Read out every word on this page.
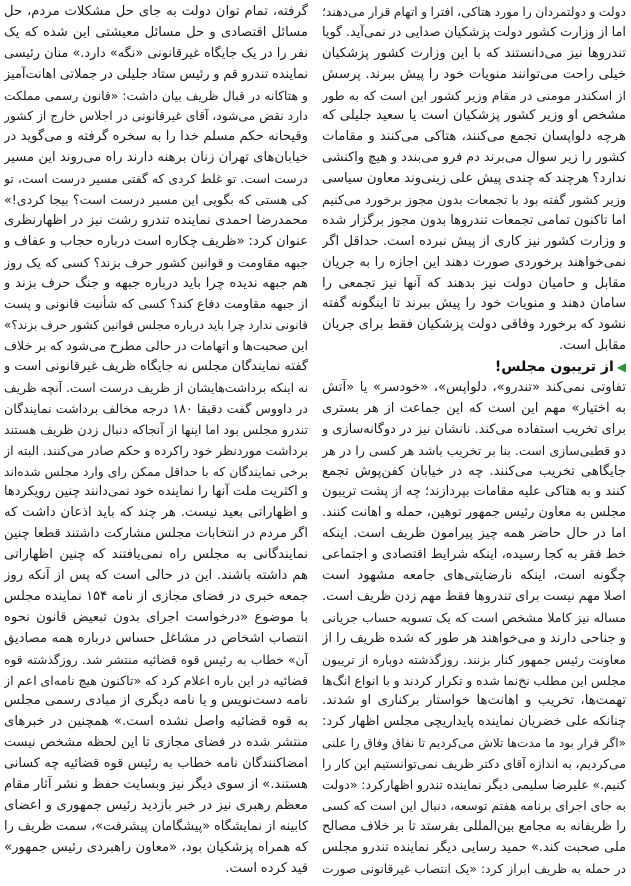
دولت و دولتمردان را مورد هتاکی، افترا و اتهام قرار می‌دهند؛
اما از وزارت کشور دولت پزشکیان صدایی در نمی‌آید. گویا
تندروها نیز می‌دانستند که با این وزارت کشور پزشکیان
خیلی راحت می‌توانند منویات خود را پیش ببرند. پرسش
از اسکندر مومنی در مقام وزیر کشور این است که به طور
مشخص او وزیر کشور پزشکیان است یا سعید جلیلی که
هرچه دلواپسان تجمع می‌کنند، هتاکی می‌کنند و مقامات
کشور را زیر سوال می‌برند دم فرو می‌بندد و هیچ واکنشی
ندارد؟ هرچند که چندی پیش علی زینی‌وند معاون سیاسی
وزیر کشور گفته بود با تجمعات بدون مجوز برخورد می‌کنیم
اما تاکنون تمامی تجمعات تندروها بدون مجوز برگزار شده
و وزارت کشور نیز کاری از پیش نبرده است. حداقل اگر
نمی‌خواهند برخوردی صورت دهند این اجازه را به جریان
مقابل و حامیان دولت نیز بدهند که آنها نیز تجمعی را
سامان دهند و منویات خود را پیش ببرند تا اینگونه گفته
نشود که برخورد وفاقی دولت پزشکیان فقط برای جریان
مقابل است.
◀از تریبون مجلس!
تفاوتی نمی‌کند «تندرو»، دلواپس»، «خودسر» یا «آتش
به اختیار» مهم این است که این جماعت از هر بستری
برای تخریب استفاده می‌کند. نانشان نیز در دوگانه‌سازی و
دو قطبی‌سازی است. بنا بر تخریب باشد هر کسی را در هر
جایگاهی تخریب می‌کنند. چه در خیابان کفن‌پوش تجمع
کنند و به هتاکی علیه مقامات بپردازند؛ چه از پشت تریبون
مجلس به معاون رئیس جمهور توهین، حمله و اهانت کنند.
اما در حال حاضر همه چیز پیرامون ظریف است. اینکه
خط فقر به کجا رسیده، اینکه شرایط اقتصادی و اجتماعی
چگونه است، اینکه نارضایتی‌های جامعه مشهود است
اصلا مهم نیست برای تندروها فقط مهم زدن ظریف است.
مساله نیز کاملا مشخص است که یک تسویه حساب جریانی
و جناحی دارند و می‌خواهند هر طور که شده ظریف را از
معاونت رئیس جمهور کنار بزنند. روزگذشته دوباره از تریبون
مجلس این مطلب نخ‌نما شده و تکرار کردند و با انواع انگ‌ها
تهمت‌ها، تخریب و اهانت‌ها خواستار برکناری او شدند.
چنانکه علی خضریان نماینده پایداریچی مجلس اظهار کرد:
«اگر قرار بود ما مدت‌ها تلاش می‌کردیم تا نفاق وفاق را علنی
می‌کردیم، به اندازه آقای دکتر ظریف نمی‌توانستیم این کار را
کنیم.» علیرضا سلیمی دیگر نماینده تندرو اظهارکرد: «دولت
به جای اجرای برنامه هفتم توسعه، دنبال این است که کسی
را ظریفانه به مجامع بین‌المللی بفرستد تا بر خلاف مصالح
ملی صحبت کند.» حمید رسایی دیگر نماینده تندرو مجلس
در حمله به ظریف ابراز کرد: «یک انتصاب غیرقانونی صورت
گرفته، تمام توان دولت به جای حل مشکلات مردم، حل
مسائل اقتصادی و حل مسائل معیشتی این شده که یک
نفر را در یک جایگاه غیرقانونی «نگه» دارد.» منان رئیسی
نماینده تندرو قم و رئیس ستاد جلیلی در جملاتی اهانت‌آمیز
و هتاکانه در قبال ظریف بیان داشت: «قانون رسمی مملکت
دارد نقض می‌شود، آقای غیرقانونی در اجلاس خارج از کشور
وقیحانه حکم مسلم خدا را به سخره گرفته و می‌گوید در
خیابان‌های تهران زنان برهنه دارند راه می‌روند این مسیر
درست است. تو غلط کردی که گفتی مسیر درست است، تو
کی هستی که بگویی این مسیر درست است؟ بیجا کردی!»
محمدرضا احمدی نماینده تندرو رشت نیز در اظهارنظری
عنوان کرد: «ظریف چکاره است درباره حجاب و عفاف و
جبهه مقاومت و قوانین کشور حرف بزند؟ کسی که یک روز
هم جبهه ندیده چرا باید درباره جبهه و جنگ حرف بزند و
از جبهه مقاومت دفاع کند؟ کسی که شأنیت قانونی و پست
قانونی ندارد چرا باید درباره مجلس قوانین کشور حرف بزند؟»
این صحبت‌ها و اتهامات در حالی مطرح می‌شود که بر خلاف
گفته نمایندگان مجلس نه جایگاه ظریف غیرقانونی است و
نه اینکه برداشت‌هایشان از ظریف درست است. آنچه ظریف
در داووس گفت دقیقا ۱۸۰ درجه مخالف برداشت نمایندگان
تندرو مجلس بود اما اینها از آنجاکه دنبال زدن ظریف هستند
برداشت موردنظر خود راکرده و حکم صادر می‌کنند. البته از
برخی نمایندگان که با حداقل ممکن رای وارد مجلس شده‌اند
و اکثریت ملت آنها را نماینده خود نمی‌دانند چنین رویکردها
و اظهاراتی بعید نیست. هر چند که باید اذعان داشت که
اگر مردم در انتخابات مجلس مشارکت داشتند قطعا چنین
نمایندگانی به مجلس راه نمی‌یافتند که چنین اظهاراتی
هم داشته باشند. این در حالی است که پس از آنکه روز
جمعه خبری در فضای مجازی از نامه ۱۵۴ نماینده مجلس
با موضوع «درخواست اجرای بدون تبعیض قانون نحوه
انتصاب اشخاص در مشاغل حساس درباره همه مصادیق
آن» خطاب به رئیس قوه قضائیه منتشر شد. روزگذشته قوه
قضائیه در این باره اعلام کرد که «تاکنون هیچ نامه‌ای اعم از
نامه دست‌نویس و یا نامه دیگری از مبادی رسمی مجلس
به قوه قضائیه واصل نشده است.» همچنین در خبرهای
منتشر شده در فضای مجازی تا این لحظه مشخص نیست
امضاکنندگان نامه خطاب به رئیس قوه قضائیه چه کسانی
هستند.» از سوی دیگر نیز وبسایت حفظ و نشر آثار مقام
معظم رهبری نیز در خبر بازدید رئیس جمهوری و اعضای
کابینه از نمایشگاه «پیشگامان پیشرفت»، سمت ظریف را
که همراه پزشکیان بود، «معاون راهبردی رئیس جمهور»
قید کرده است.
